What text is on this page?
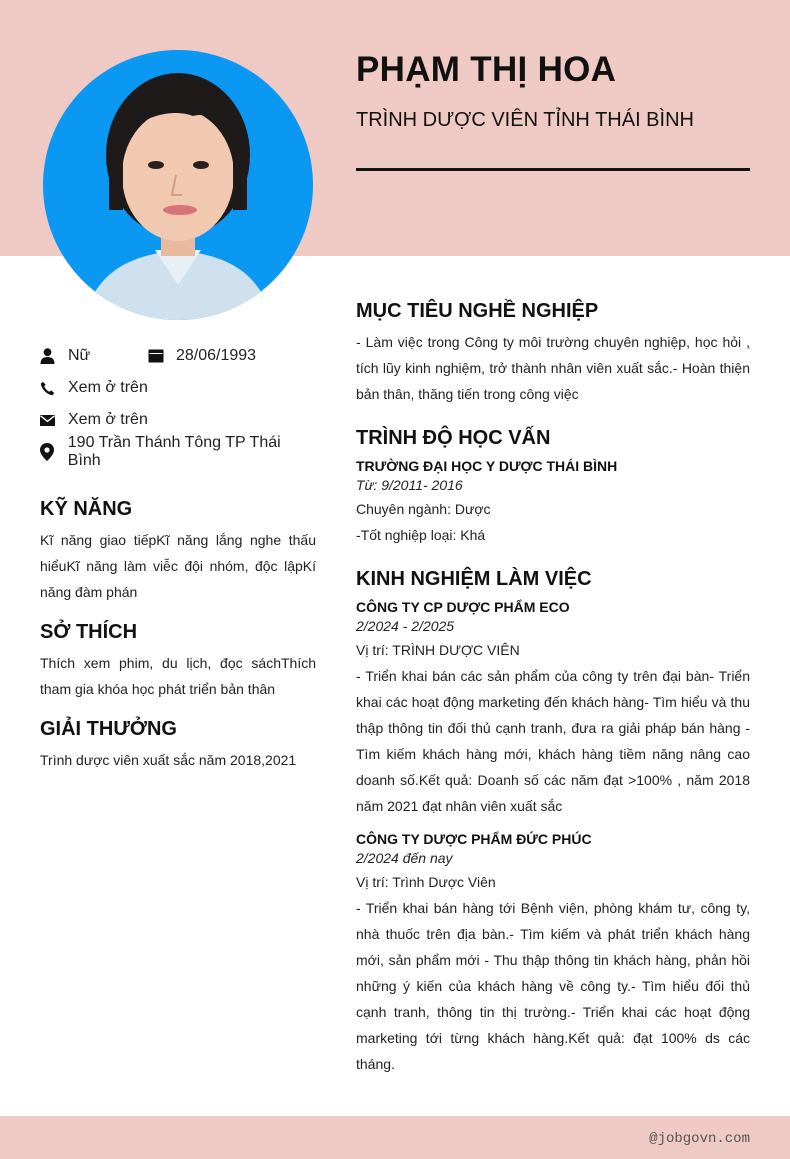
PHẠM THỊ HOA
TRÌNH DƯỢC VIÊN TỈNH THÁI BÌNH
Nữ	28/06/1993
Xem ở trên
Xem ở trên
190 Trần Thánh Tông TP Thái Bình
KỸ NĂNG
Kĩ năng giao tiếpKĩ năng lắng nghe thấu hiểuKĩ năng làm viễc đội nhóm, độc lậpKí năng đàm phán
SỞ THÍCH
Thích xem phim, du lịch, đọc sáchThích tham gia khóa học phát triển bản thân
GIẢI THƯỞNG
Trình dược viên xuất sắc năm 2018,2021
MỤC TIÊU NGHỀ NGHIỆP
- Làm việc trong Công ty môi trường chuyên nghiệp, học hỏi , tích lũy kinh nghiệm, trở thành nhân viên xuất sắc.- Hoàn thiện bản thân, thăng tiến trong công việc
TRÌNH ĐỘ HỌC VẤN
TRƯỜNG ĐẠI HỌC Y DƯỢC THÁI BÌNH
Từ: 9/2011- 2016
Chuyên ngành: Dược
-Tốt nghiệp loại: Khá
KINH NGHIỆM LÀM VIỆC
CÔNG TY CP DƯỢC PHẨM ECO
2/2024 - 2/2025
Vị trí: TRÌNH DƯỢC VIÊN
- Triển khai bán các sản phẩm của công ty trên đại bàn- Triển khai các hoạt động marketing đến khách hàng- Tìm hiểu và thu thập thông tin đối thủ cạnh tranh, đưa ra giải pháp bán hàng - Tìm kiếm khách hàng mới, khách hàng tiềm năng nâng cao doanh số.Kết quả: Doanh số các năm đạt >100% , năm 2018 năm 2021 đạt nhân viên xuất sắc
CÔNG TY DƯỢC PHẨM ĐỨC PHÚC
2/2024 đến nay
Vị trí: Trình Dược Viên
- Triển khai bán hàng tới Bệnh viện, phòng khám tư, công ty, nhà thuốc trên địa bàn.- Tìm kiếm và phát triển khách hàng mới, sản phẩm mới - Thu thập thông tin khách hàng, phản hồi những ý kiến của khách hàng về công ty.- Tìm hiểu đối thủ cạnh tranh, thông tin thị trường.- Triển khai các hoạt động marketing tới từng khách hàng.Kết quả: đạt 100% ds các tháng.
@jobgovn.com
